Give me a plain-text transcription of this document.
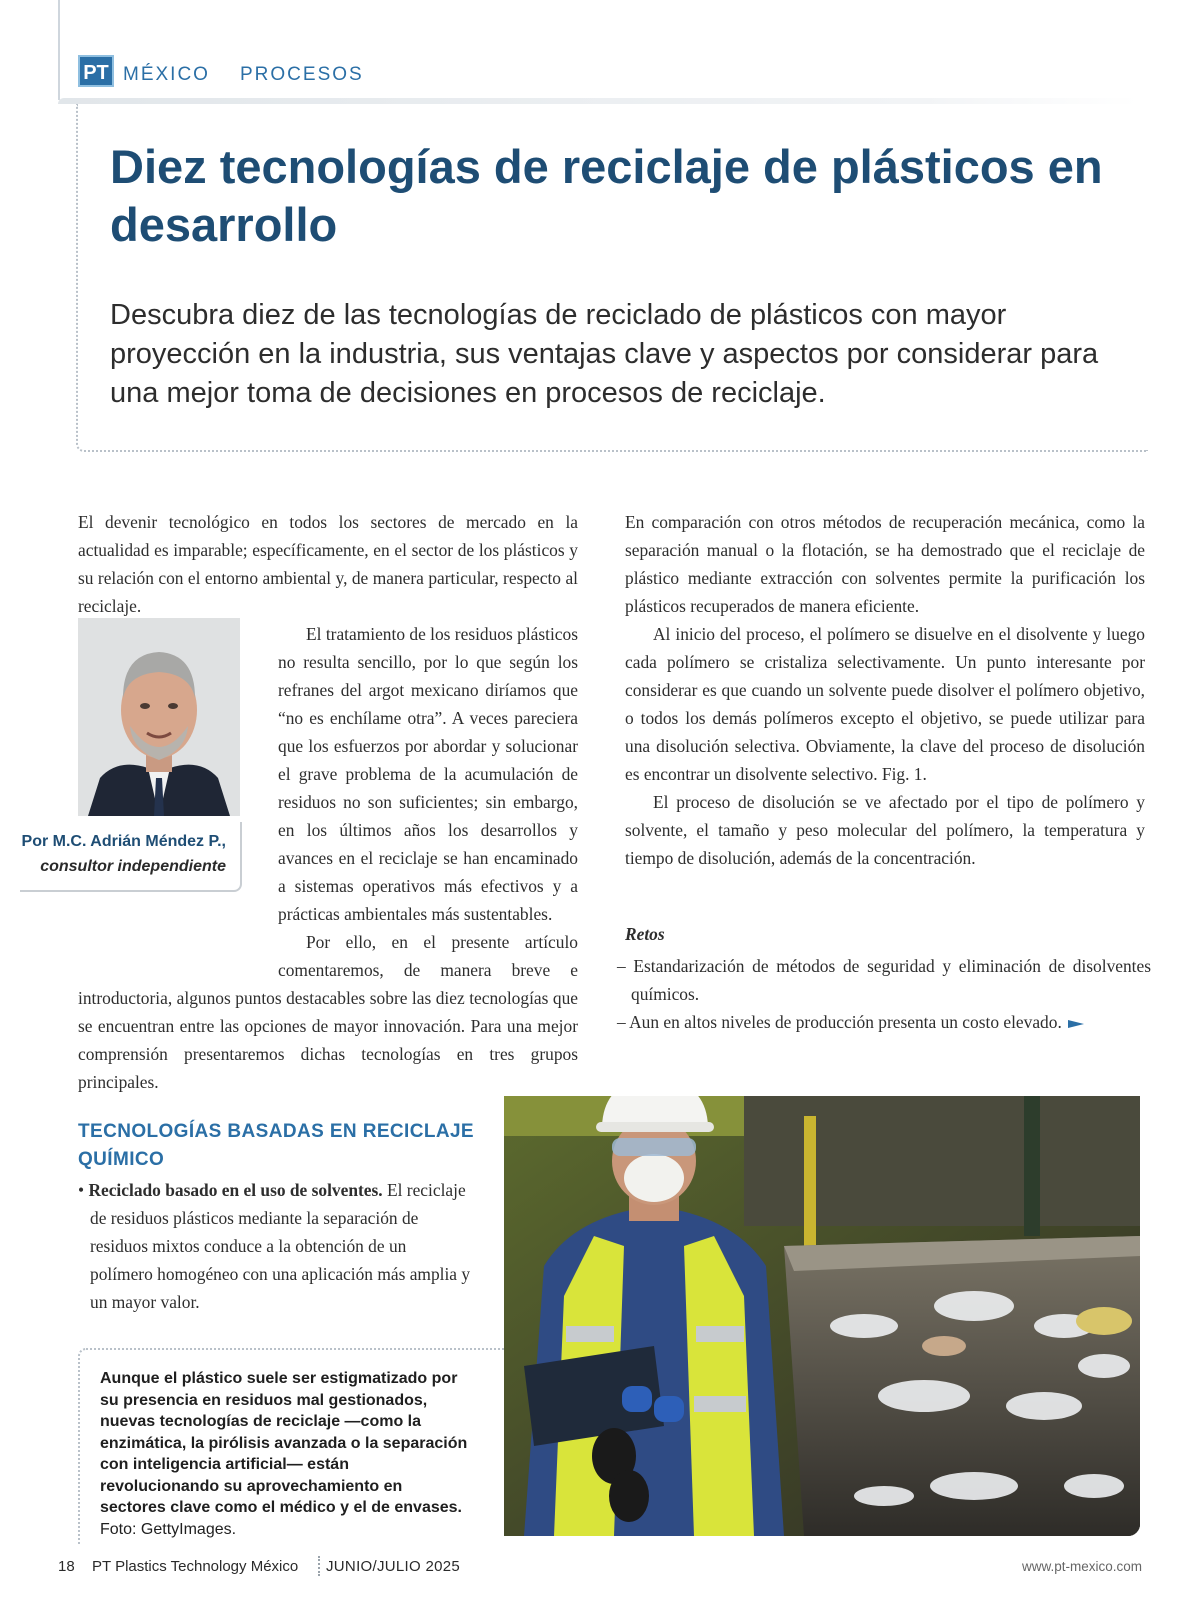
PT MÉXICO PROCESOS
Diez tecnologías de reciclaje de plásticos en desarrollo

Descubra diez de las tecnologías de reciclado de plásticos con mayor proyección en la industria, sus ventajas clave y aspectos por considerar para una mejor toma de decisiones en procesos de reciclaje.

El devenir tecnológico en todos los sectores de mercado en la actualidad es imparable; específicamente, en el sector de los plásticos y su relación con el entorno ambiental y, de manera particular, respecto al reciclaje.

El tratamiento de los residuos plásticos no resulta sencillo, por lo que según los refranes del argot mexicano diríamos que “no es enchílame otra”. A veces pareciera que los esfuerzos por abordar y solucionar el grave problema de la acumulación de residuos no son suficientes; sin embargo, en los últimos años los desarrollos y avances en el reciclaje se han encaminado a sistemas operativos más efectivos y a prácticas ambientales más sustentables.

Por ello, en el presente artículo comentaremos, de manera breve e introductoria, algunos puntos destacables sobre las diez tecnologías que se encuentran entre las opciones de mayor innovación. Para una mejor comprensión presentaremos dichas tecnologías en tres grupos principales.

Por M.C. Adrián Méndez P.,

consultor independiente

TECNOLOGÍAS BASADAS EN RECICLAJE QUÍMICO

• Reciclado basado en el uso de solventes. El reciclaje de residuos plásticos mediante la separación de residuos mixtos conduce a la obtención de un polímero homogéneo con una aplicación más amplia y un mayor valor.

Aunque el plástico suele ser estigmatizado por su presencia en residuos mal gestionados, nuevas tecnologías de reciclaje —como la enzimática, la pirólisis avanzada o la separación con inteligencia artificial— están revolucionando su aprovechamiento en sectores clave como el médico y el de envases. Foto: GettyImages.

En comparación con otros métodos de recuperación mecánica, como la separación manual o la flotación, se ha demostrado que el reciclaje de plástico mediante extracción con solventes permite la purificación los plásticos recuperados de manera eficiente.

Al inicio del proceso, el polímero se disuelve en el disolvente y luego cada polímero se cristaliza selectivamente. Un punto interesante por considerar es que cuando un solvente puede disolver el polímero objetivo, o todos los demás polímeros excepto el objetivo, se puede utilizar para una disolución selectiva. Obviamente, la clave del proceso de disolución es encontrar un disolvente selectivo. Fig. 1.

El proceso de disolución se ve afectado por el tipo de polímero y solvente, el tamaño y peso molecular del polímero, la temperatura y tiempo de disolución, además de la concentración.

Retos

– Estandarización de métodos de seguridad y eliminación de disolventes químicos.

– Aun en altos niveles de producción presenta un costo elevado.

18 PT Plastics Technology México JUNIO/JULIO 2025	www.pt-mexico.com
